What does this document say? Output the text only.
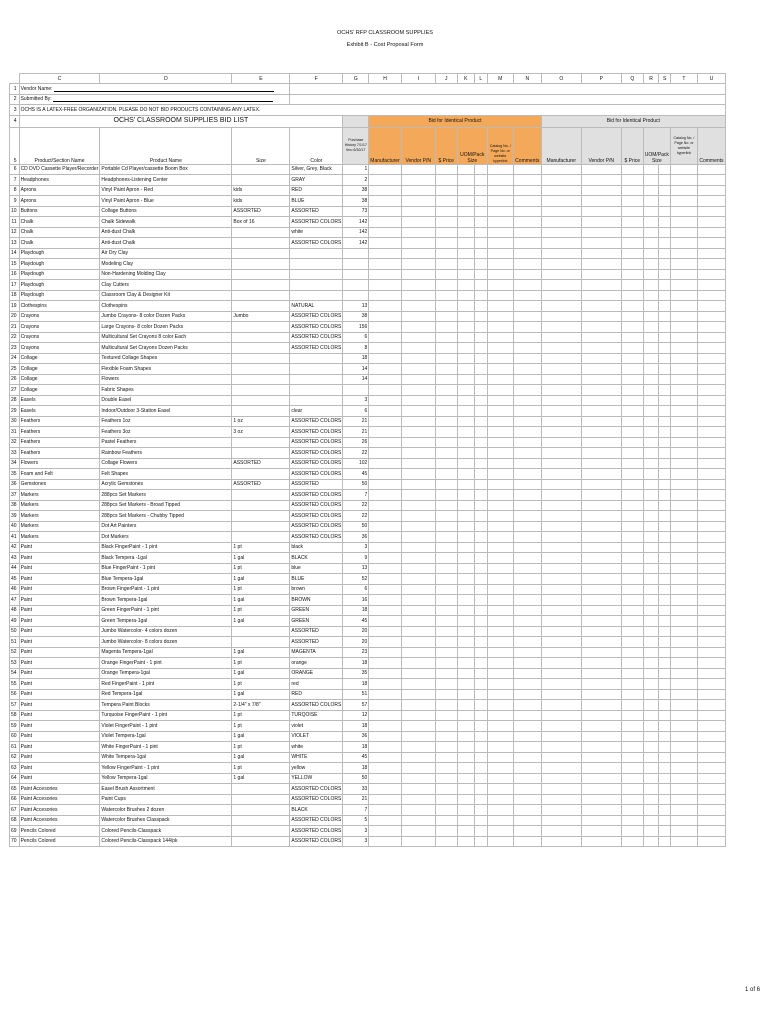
OCHS' RFP CLASSROOM SUPPLIES
Exhibit B - Cost Proposal Form
	C	D	E	F	G	H	I	J	K	L	M	N	O	P	Q	R	S	T	U
1	Vendor Name:																		
2	Submitted By:																		
3	OCHS IS A LATEX-FREE ORGANIZATION. PLEASE DO NOT BID PRODUCTS CONTAINING ANY LATEX.																		
4	OCHS' CLASSROOM SUPPLIES BID LIST					Bid for Identical Product							Bid for Identical Product						
5	Product/Section Name	Product Name	Size	Color	Purchase History 7/1/17 thru 6/30/17	Manufacturer	Vendor P/N	$ Price	UOM/Pack Size		Catalog No. / Page No. or website hyperlink	Comments	Manufacturer	Vendor P/N	$ Price	UOM/Pack Size		Catalog No. / Page No. or website hyperlink	Comments
6	CD DVD Cassette Player/Recorder	Portable Cd Player/cassette Boom Box		Silver, Grey, Black	1														
7	Headphones	Headphones-Listening Center		GRAY	2														
8	Aprons	Vinyl Paint Apron - Red	kids	RED	38														
9	Aprons	Vinyl Paint Apron - Blue	kids	BLUE	38														
10	Buttons	Collage Buttons	ASSORTED	ASSORTED	73														
11	Chalk	Chalk Sidewalk	Box of 16	ASSORTED COLORS	142														
12	Chalk	Anti-dust Chalk		white	142														
13	Chalk	Anti-dust Chalk		ASSORTED COLORS	142														
14	Playdough	Air Dry Clay																	
15	Playdough	Modeling Clay																	
16	Playdough	Non-Hardening Molding Clay																	
17	Playdough	Clay Cutters																	
18	Playdough	Classroom Clay & Designer Kit																	
19	Clothespins	Clothespins		NATURAL	13														
20	Crayons	Jumbo Crayons- 8 color Dozen Packs	Jumbo	ASSORTED COLORS	38														
21	Crayons	Large Crayons- 8 color Dozen Packs		ASSORTED COLORS	156														
22	Crayons	Multicultural Set Crayons 8 color Each		ASSORTED COLORS	6														
23	Crayons	Multicultural Set Crayons Dozen Packs		ASSORTED COLORS	8														
24	Collage	Textured Collage Shapes			18														
25	Collage	Flexible Foam Shapes			14														
26	Collage	Flowers			14														
27	Collage	Fabric Shapes																	
28	Easels	Double Easel			3														
29	Easels	Indoor/Outdoor 3-Station Easel		clear	6														
30	Feathers	Feathers 1oz	1 oz	ASSORTED COLORS	21														
31	Feathers	Feathers 3oz	3 oz	ASSORTED COLORS	21														
32	Feathers	Pastel Feathers		ASSORTED COLORS	26														
33	Feathers	Rainbow Feathers		ASSORTED COLORS	22														
34	Flowers	Collage Flowers	ASSORTED	ASSORTED COLORS	102														
35	Foam and Felt	Felt Shapes		ASSORTED COLORS	45														
36	Gemstones	Acrylic Gemstones	ASSORTED	ASSORTED	50														
37	Markers	288pcs Set Markers		ASSORTED COLORS	7														
38	Markers	288pcs Set Markers - Broad Tipped		ASSORTED COLORS	22														
39	Markers	288pcs Set Markers - Chubby Tipped		ASSORTED COLORS	22														
40	Markers	Dot Art Painters		ASSORTED COLORS	50														
41	Markers	Dot Markers		ASSORTED COLORS	36														
42	Paint	Black FingerPaint - 1 pint	1 pt	black	3														
43	Paint	Black Tempera -1gal	1 gal	BLACK	9														
44	Paint	Blue FingerPaint - 1 pint	1 pt	blue	13														
45	Paint	Blue Tempera-1gal	1 gal	BLUE	52														
46	Paint	Brown FingerPaint - 1 pint	1 pt	brown	6														
47	Paint	Brown Tempera-1gal	1 gal	BROWN	16														
48	Paint	Green FingerPaint - 1 pint	1 pt	GREEN	18														
49	Paint	Green Tempera-1gal	1 gal	GREEN	45														
50	Paint	Jumbo Watercolor- 4 colors dozen		ASSORTED	20														
51	Paint	Jumbo Watercolor- 8 colors dozen		ASSORTED	20														
52	Paint	Magenta Tempera-1gal	1 gal	MAGENTA	23														
53	Paint	Orange FingerPaint - 1 pint	1 pt	orange	18														
54	Paint	Orange Tempera-1gal	1 gal	ORANGE	35														
55	Paint	Red FingerPaint - 1 pint	1 pt	red	18														
56	Paint	Red Tempera-1gal	1 gal	RED	51														
57	Paint	Tempera Paint Blocks	2-1/4" x 7/8"	ASSORTED COLORS	57														
58	Paint	Turquoise FingerPaint - 1 pint	1 pt	TURQOISE	12														
59	Paint	Violet FingerPaint - 1 pint	1 pt	violet	18														
60	Paint	Violet Tempera-1gal	1 gal	VIOLET	36														
61	Paint	White FingerPaint - 1 pint	1 pt	white	18														
62	Paint	White Tempera-1gal	1 gal	WHITE	45														
63	Paint	Yellow FingerPaint - 1 pint	1 pt	yellow	18														
64	Paint	Yellow Tempera-1gal	1 gal	YELLOW	50														
65	Paint Accesories	Easel Brush Assortment		ASSORTED COLORS	33														
66	Paint Accesories	Paint Cups		ASSORTED COLORS	21														
67	Paint Accesories	Watercolor Brushes 2 dozen		BLACK	7														
68	Paint Accesories	Watercolor Brushes Classpack		ASSORTED COLORS	5														
69	Pencils Colored	Colored Pencils-Classpack		ASSORTED COLORS	3														
70	Pencils Colored	Colored Pencils-Classpack 144/pk		ASSORTED COLORS	3														
1 of 6
